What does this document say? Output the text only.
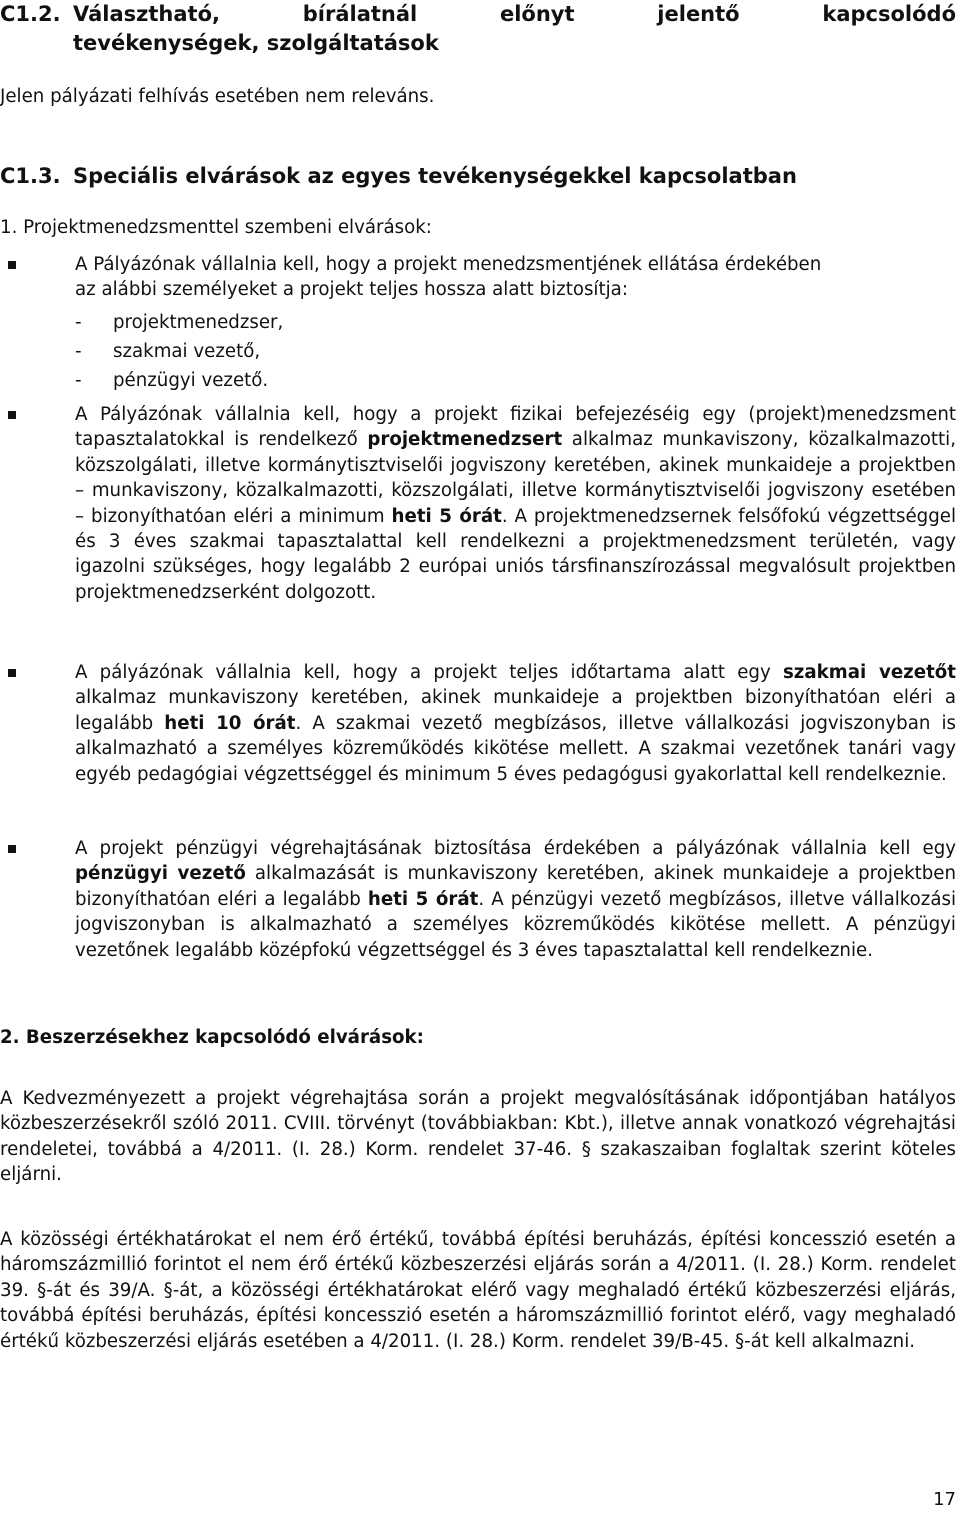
C1.2. Választható, bírálatnál előnyt jelentő kapcsolódó
tevékenységek, szolgáltatások
Jelen pályázati felhívás esetében nem releváns.
C1.3. Speciális elvárások az egyes tevékenységekkel kapcsolatban
1. Projektmenedzsmenttel szembeni elvárások:
A Pályázónak vállalnia kell, hogy a projekt menedzsmentjének ellátása érdekében
az alábbi személyeket a projekt teljes hossza alatt biztosítja:
- projektmenedzser,
- szakmai vezető,
- pénzügyi vezető.
A Pályázónak vállalnia kell, hogy a projekt fizikai befejezéséig egy (projekt)menedzsment tapasztalatokkal is rendelkező projektmenedzsert alkalmaz munkaviszony, közalkalmazotti, közszolgálati, illetve kormánytisztviselői jogviszony keretében, akinek munkaideje a projektben – munkaviszony, közalkalmazotti, közszolgálati, illetve kormánytisztviselői jogviszony esetében – bizonyíthatóan eléri a minimum heti 5 órát. A projektmenedzsernek felsőfokú végzettséggel és 3 éves szakmai tapasztalattal kell rendelkezni a projektmenedzsment területén, vagy igazolni szükséges, hogy legalább 2 európai uniós társfinanszírozással megvalósult projektben projektmenedzserként dolgozott.
A pályázónak vállalnia kell, hogy a projekt teljes időtartama alatt egy szakmai vezetőt alkalmaz munkaviszony keretében, akinek munkaideje a projektben bizonyíthatóan eléri a legalább heti 10 órát. A szakmai vezető megbízásos, illetve vállalkozási jogviszonyban is alkalmazható a személyes közreműködés kikötése mellett. A szakmai vezetőnek tanári vagy egyéb pedagógiai végzettséggel és minimum 5 éves pedagógusi gyakorlattal kell rendelkeznie.
A projekt pénzügyi végrehajtásának biztosítása érdekében a pályázónak vállalnia kell egy pénzügyi vezető alkalmazását is munkaviszony keretében, akinek munkaideje a projektben bizonyíthatóan eléri a legalább heti 5 órát. A pénzügyi vezető megbízásos, illetve vállalkozási jogviszonyban is alkalmazható a személyes közreműködés kikötése mellett. A pénzügyi vezetőnek legalább középfokú végzettséggel és 3 éves tapasztalattal kell rendelkeznie.
2. Beszerzésekhez kapcsolódó elvárások:
A Kedvezményezett a projekt végrehajtása során a projekt megvalósításának időpontjában hatályos közbeszerzésekről szóló 2011. CVIII. törvényt (továbbiakban: Kbt.), illetve annak vonatkozó végrehajtási rendeletei, továbbá a 4/2011. (I. 28.) Korm. rendelet 37-46. § szakaszaiban foglaltak szerint köteles eljárni.
A közösségi értékhatárokat el nem érő értékű, továbbá építési beruházás, építési koncesszió esetén a háromszázmillió forintot el nem érő értékű közbeszerzési eljárás során a 4/2011. (I. 28.) Korm. rendelet 39. §-át és 39/A. §-át, a közösségi értékhatárokat elérő vagy meghaladó értékű közbeszerzési eljárás, továbbá építési beruházás, építési koncesszió esetén a háromszázmillió forintot elérő, vagy meghaladó értékű közbeszerzési eljárás esetében a 4/2011. (I. 28.) Korm. rendelet 39/B-45. §-át kell alkalmazni.
17
